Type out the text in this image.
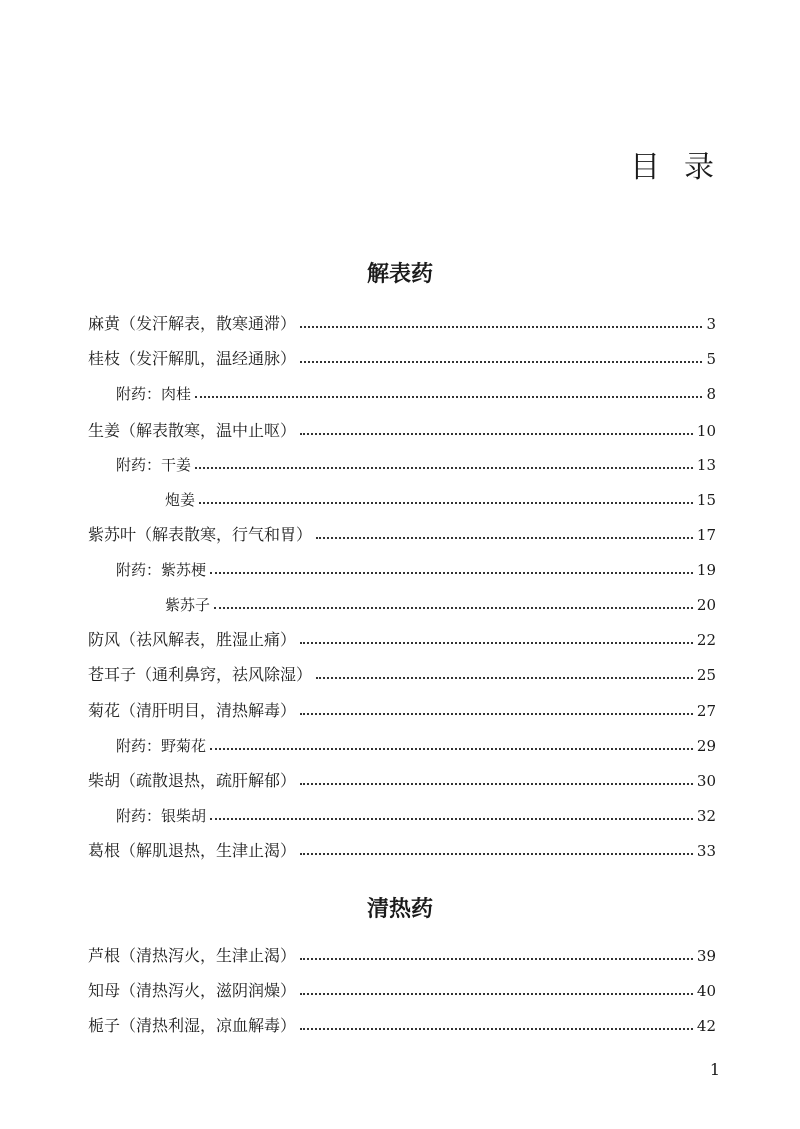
目 录
解表药
麻黄（发汗解表，散寒通滞）	3
桂枝（发汗解肌，温经通脉）	5
附药：肉桂	8
生姜（解表散寒，温中止呕）	10
附药：干姜	13
炮姜	15
紫苏叶（解表散寒，行气和胃）	17
附药：紫苏梗	19
紫苏子	20
防风（祛风解表，胜湿止痛）	22
苍耳子（通利鼻窍，祛风除湿）	25
菊花（清肝明目，清热解毒）	27
附药：野菊花	29
柴胡（疏散退热，疏肝解郁）	30
附药：银柴胡	32
葛根（解肌退热，生津止渴）	33
清热药
芦根（清热泻火，生津止渴）	39
知母（清热泻火，滋阴润燥）	40
栀子（清热利湿，凉血解毒）	42
1
